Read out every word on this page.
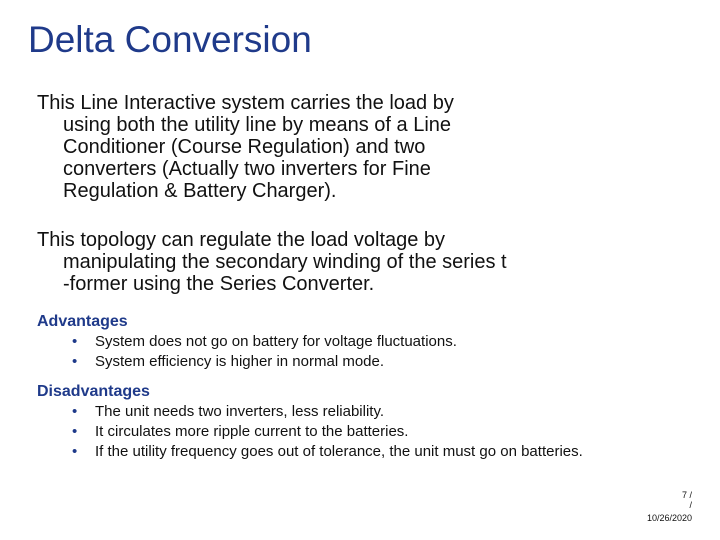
Delta Conversion

This Line Interactive system carries the load by
using both the utility line by means of a Line
Conditioner (Course Regulation) and two
converters (Actually two inverters for Fine
Regulation & Battery Charger).

This topology can regulate the load voltage by
manipulating the secondary winding of the series t
-former using the Series Converter.

Advantages
• System does not go on battery for voltage fluctuations.
• System efficiency is higher in normal mode.
Disadvantages
• The unit needs two inverters, less reliability.
• It circulates more ripple current to the batteries.
• If the utility frequency goes out of tolerance, the unit must go on batteries.
7 /
/
10/26/2020
